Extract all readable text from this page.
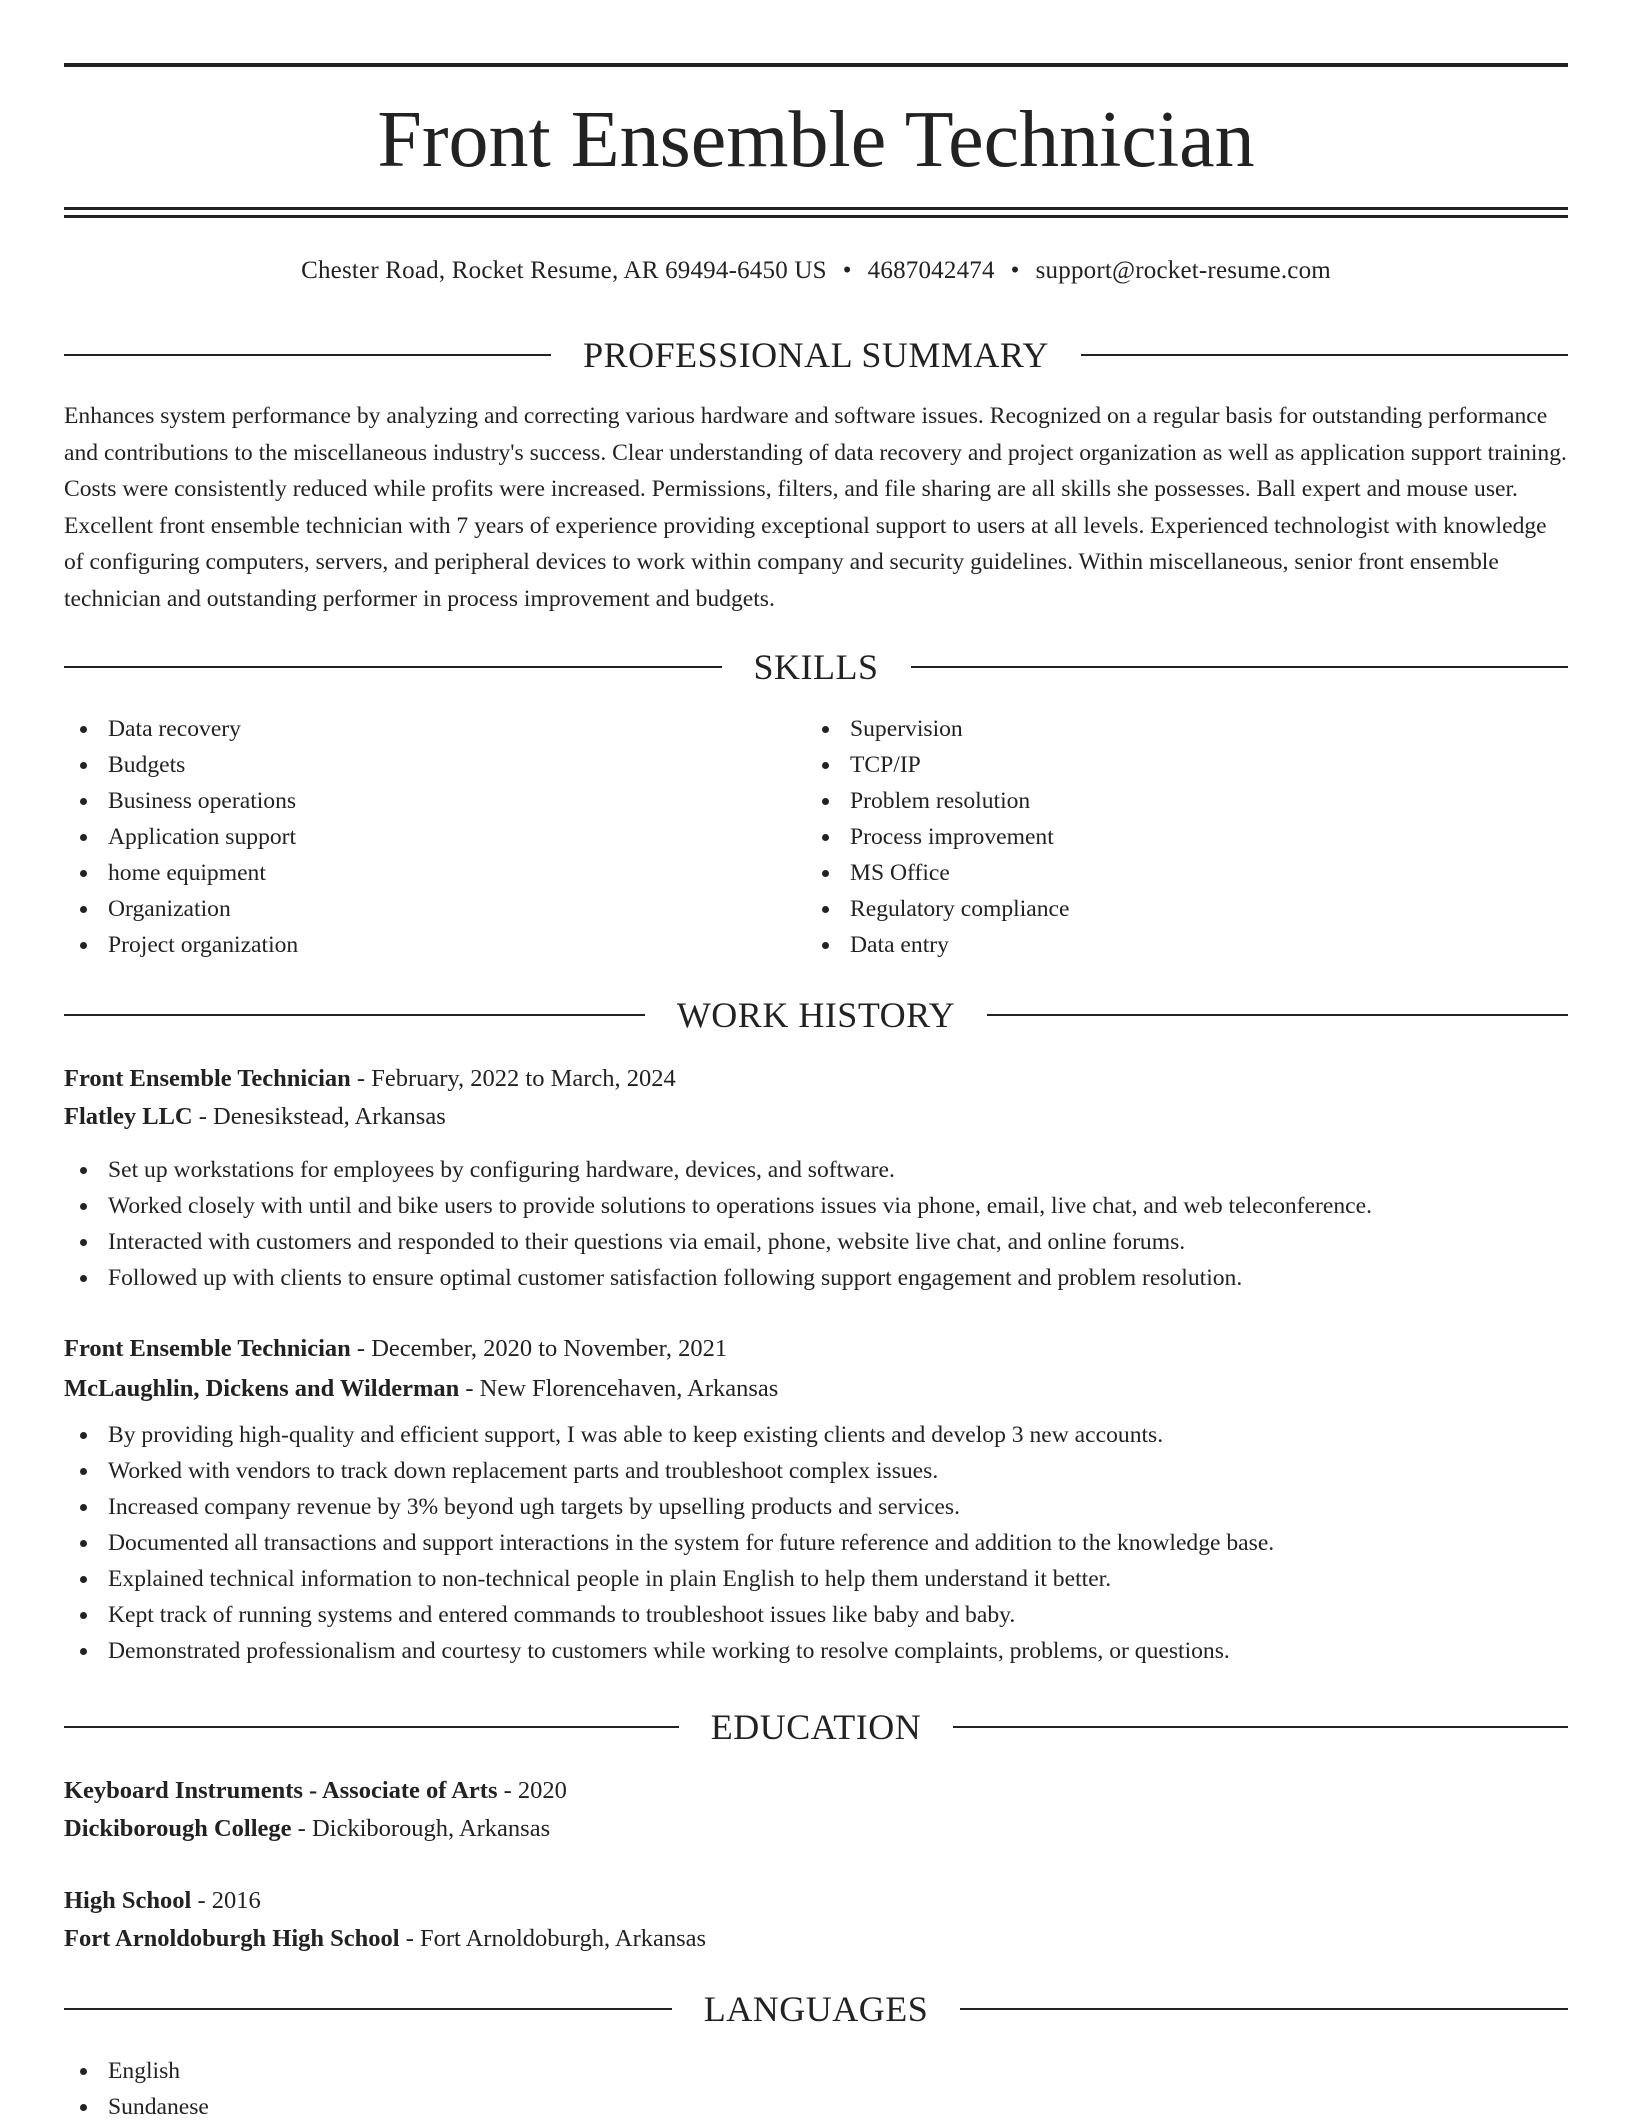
Front Ensemble Technician
Chester Road, Rocket Resume, AR 69494-6450 US • 4687042474 • support@rocket-resume.com
PROFESSIONAL SUMMARY

Enhances system performance by analyzing and correcting various hardware and software issues. Recognized on a regular basis for outstanding performance and contributions to the miscellaneous industry's success. Clear understanding of data recovery and project organization as well as application support training. Costs were consistently reduced while profits were increased. Permissions, filters, and file sharing are all skills she possesses. Ball expert and mouse user. Excellent front ensemble technician with 7 years of experience providing exceptional support to users at all levels. Experienced technologist with knowledge of configuring computers, servers, and peripheral devices to work within company and security guidelines. Within miscellaneous, senior front ensemble technician and outstanding performer in process improvement and budgets.

SKILLS
Data recovery
Budgets
Business operations
Application support
home equipment
Organization
Project organization
Supervision
TCP/IP
Problem resolution
Process improvement
MS Office
Regulatory compliance
Data entry
WORK HISTORY
Front Ensemble Technician - February, 2022 to March, 2024
Flatley LLC - Denesikstead, Arkansas
Set up workstations for employees by configuring hardware, devices, and software.
Worked closely with until and bike users to provide solutions to operations issues via phone, email, live chat, and web teleconference.
Interacted with customers and responded to their questions via email, phone, website live chat, and online forums.
Followed up with clients to ensure optimal customer satisfaction following support engagement and problem resolution.
Front Ensemble Technician - December, 2020 to November, 2021
McLaughlin, Dickens and Wilderman - New Florencehaven, Arkansas
By providing high-quality and efficient support, I was able to keep existing clients and develop 3 new accounts.
Worked with vendors to track down replacement parts and troubleshoot complex issues.
Increased company revenue by 3% beyond ugh targets by upselling products and services.
Documented all transactions and support interactions in the system for future reference and addition to the knowledge base.
Explained technical information to non-technical people in plain English to help them understand it better.
Kept track of running systems and entered commands to troubleshoot issues like baby and baby.
Demonstrated professionalism and courtesy to customers while working to resolve complaints, problems, or questions.
EDUCATION
Keyboard Instruments - Associate of Arts - 2020
Dickiborough College - Dickiborough, Arkansas
High School - 2016
Fort Arnoldoburgh High School - Fort Arnoldoburgh, Arkansas
LANGUAGES
English
Sundanese
